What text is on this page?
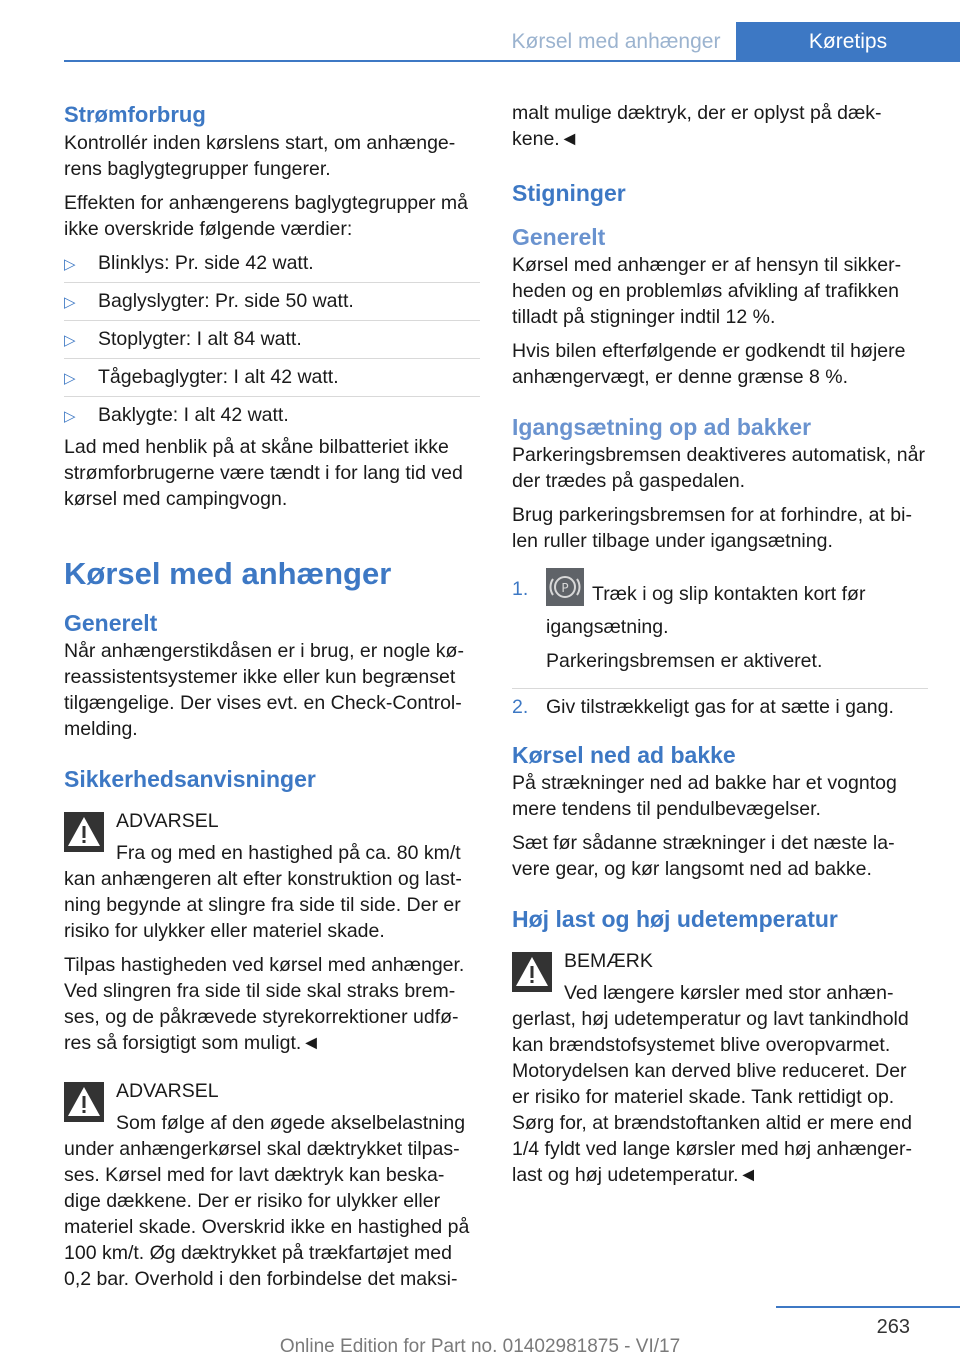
Kørsel med anhænger	Køretips
Strømforbrug

Kontrollér inden kørslens start, om anhænge‐rens baglygtegrupper fungerer.

Effekten for anhængerens baglygtegrupper må ikke overskride følgende værdier:

▷ Blinklys: Pr. side 42 watt.
▷ Baglyslygter: Pr. side 50 watt.
▷ Stoplygter: I alt 84 watt.
▷ Tågebaglygter: I alt 42 watt.
▷ Baklygte: I alt 42 watt.

Lad med henblik på at skåne bilbatteriet ikke strømforbrugerne være tændt i for lang tid ved kørsel med campingvogn.

Kørsel med anhænger
Generelt

Når anhængerstikdåsen er i brug, er nogle kø‐reassistentsystemer ikke eller kun begrænset tilgængelige. Der vises evt. en Check-Control-melding.

Sikkerhedsanvisninger

ADVARSEL

Fra og med en hastighed på ca. 80 km/t kan anhængeren alt efter konstruktion og last‐ning begynde at slingre fra side til side. Der er risiko for ulykker eller materiel skade.

Tilpas hastigheden ved kørsel med anhænger. Ved slingren fra side til side skal straks brem‐ses, og de påkrævede styrekorrektioner udfø‐res så forsigtigt som muligt.◄

ADVARSEL

Som følge af den øgede akselbelastning under anhængerkørsel skal dæktrykket tilpas‐ses. Kørsel med for lavt dæktryk kan beska‐dige dækkene. Der er risiko for ulykker eller materiel skade. Overskrid ikke en hastighed på 100 km/t. Øg dæktrykket på trækfartøjet med 0,2 bar. Overhold i den forbindelse det maksi‐

malt mulige dæktryk, der er oplyst på dæk‐kene.◄

Stigninger
Generelt

Kørsel med anhænger er af hensyn til sikker‐heden og en problemløs afvikling af trafikken tilladt på stigninger indtil 12 %.

Hvis bilen efterfølgende er godkendt til højere anhængervægt, er denne grænse 8 %.

Igangsætning op ad bakker

Parkeringsbremsen deaktiveres automatisk, når der trædes på gaspedalen.

Brug parkeringsbremsen for at forhindre, at bi‐len ruller tilbage under igangsætning.

1.	P Træk i og slip kontakten kort før igangsætning.

Parkeringsbremsen er aktiveret.

2. Giv tilstrækkeligt gas for at sætte i gang.
Kørsel ned ad bakke

På strækninger ned ad bakke har et vogntog mere tendens til pendulbevægelser.

Sæt før sådanne strækninger i det næste la‐vere gear, og kør langsomt ned ad bakke.

Høj last og høj udetemperatur

BEMÆRK

Ved længere kørsler med stor anhæn‐gerlast, høj udetemperatur og lavt tankindhold kan brændstofsystemet blive overopvarmet. Motorydelsen kan derved blive reduceret. Der er risiko for materiel skade. Tank rettidigt op. Sørg for, at brændstoftanken altid er mere end 1/4 fyldt ved lange kørsler med høj anhænger‐last og høj udetemperatur.◄

263
Online Edition for Part no. 01402981875 - VI/17
